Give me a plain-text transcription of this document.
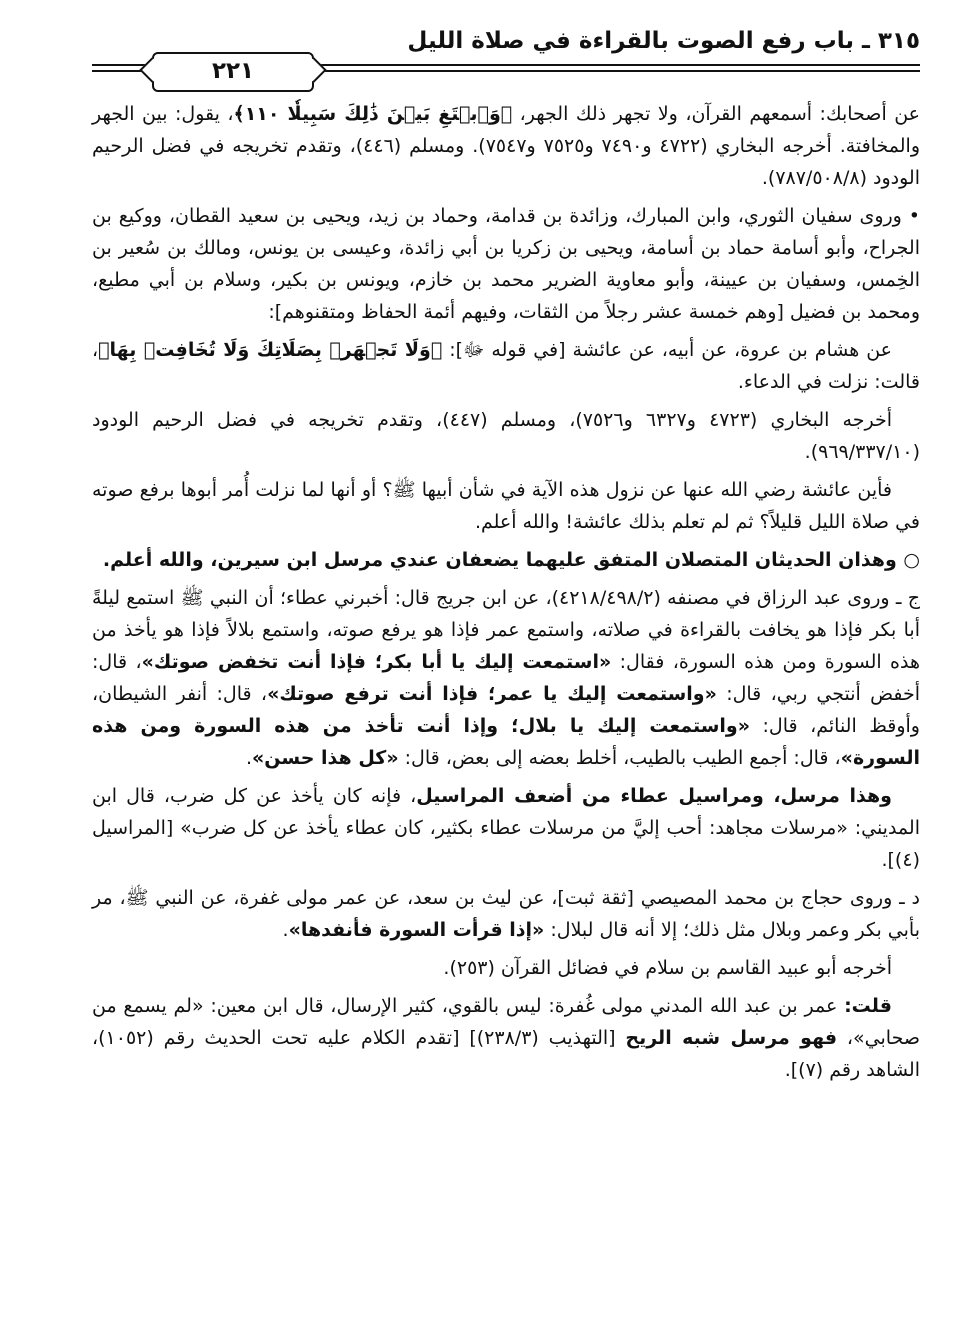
٣١٥ ـ باب رفع الصوت بالقراءة في صلاة الليل
٢٢١

عن أصحابك: أسمعهم القرآن، ولا تجهر ذلك الجهر، ﴿وَٱبۡتَغِ بَيۡنَ ذَٰلِكَ سَبِيلٗا ١١٠﴾، يقول: بين الجهر والمخافتة. أخرجه البخاري (٤٧٢٢ و٧٤٩٠ و٧٥٢٥ و٧٥٤٧). ومسلم (٤٤٦)، وتقدم تخريجه في فضل الرحيم الودود (٧٨٧/٥٠٨/٨).

• وروى سفيان الثوري، وابن المبارك، وزائدة بن قدامة، وحماد بن زيد، ويحيى بن سعيد القطان، ووكيع بن الجراح، وأبو أسامة حماد بن أسامة، ويحيى بن زكريا بن أبي زائدة، وعيسى بن يونس، ومالك بن سُعير بن الخِمس، وسفيان بن عيينة، وأبو معاوية الضرير محمد بن خازم، ويونس بن بكير، وسلام بن أبي مطيع، ومحمد بن فضيل [وهم خمسة عشر رجلاً من الثقات، وفيهم أئمة الحفاظ ومتقنوهم]:

عن هشام بن عروة، عن أبيه، عن عائشة [في قوله ﷻ]: ﴿وَلَا تَجۡهَرۡ بِصَلَاتِكَ وَلَا تُخَافِتۡ بِهَا﴾، قالت: نزلت في الدعاء.

أخرجه البخاري (٤٧٢٣ و٦٣٢٧ و٧٥٢٦)، ومسلم (٤٤٧)، وتقدم تخريجه في فضل الرحيم الودود (٩٦٩/٣٣٧/١٠).

فأين عائشة رضي الله عنها عن نزول هذه الآية في شأن أبيها ﷺ؟ أو أنها لما نزلت أُمر أبوها برفع صوته في صلاة الليل قليلاً؟ ثم لم تعلم بذلك عائشة! والله أعلم.

○ وهذان الحديثان المتصلان المتفق عليهما يضعفان عندي مرسل ابن سيرين، والله أعلم.

ج ـ وروى عبد الرزاق في مصنفه (٤٢١٨/٤٩٨/٢)، عن ابن جريج قال: أخبرني عطاء؛ أن النبي ﷺ استمع ليلةً أبا بكر فإذا هو يخافت بالقراءة في صلاته، واستمع عمر فإذا هو يرفع صوته، واستمع بلالاً فإذا هو يأخذ من هذه السورة ومن هذه السورة، فقال: «استمعت إليك يا أبا بكر؛ فإذا أنت تخفض صوتك»، قال: أخفض أنتجي ربي، قال: «واستمعت إليك يا عمر؛ فإذا أنت ترفع صوتك»، قال: أنفر الشيطان، وأوقظ النائم، قال: «واستمعت إليك يا بلال؛ وإذا أنت تأخذ من هذه السورة ومن هذه السورة»، قال: أجمع الطيب بالطيب، أخلط بعضه إلى بعض، قال: «كل هذا حسن».

وهذا مرسل، ومراسيل عطاء من أضعف المراسيل، فإنه كان يأخذ عن كل ضرب، قال ابن المديني: «مرسلات مجاهد: أحب إليَّ من مرسلات عطاء بكثير، كان عطاء يأخذ عن كل ضرب» [المراسيل (٤)].

د ـ وروى حجاج بن محمد المصيصي [ثقة ثبت]، عن ليث بن سعد، عن عمر مولى غفرة، عن النبي ﷺ، مر بأبي بكر وعمر وبلال مثل ذلك؛ إلا أنه قال لبلال: «إذا قرأت السورة فأنفدها».

أخرجه أبو عبيد القاسم بن سلام في فضائل القرآن (٢٥٣).

قلت: عمر بن عبد الله المدني مولى غُفرة: ليس بالقوي، كثير الإرسال، قال ابن معين: «لم يسمع من صحابي»، فهو مرسل شبه الريح [التهذيب (٢٣٨/٣)] [تقدم الكلام عليه تحت الحديث رقم (١٠٥٢)، الشاهد رقم (٧)].
